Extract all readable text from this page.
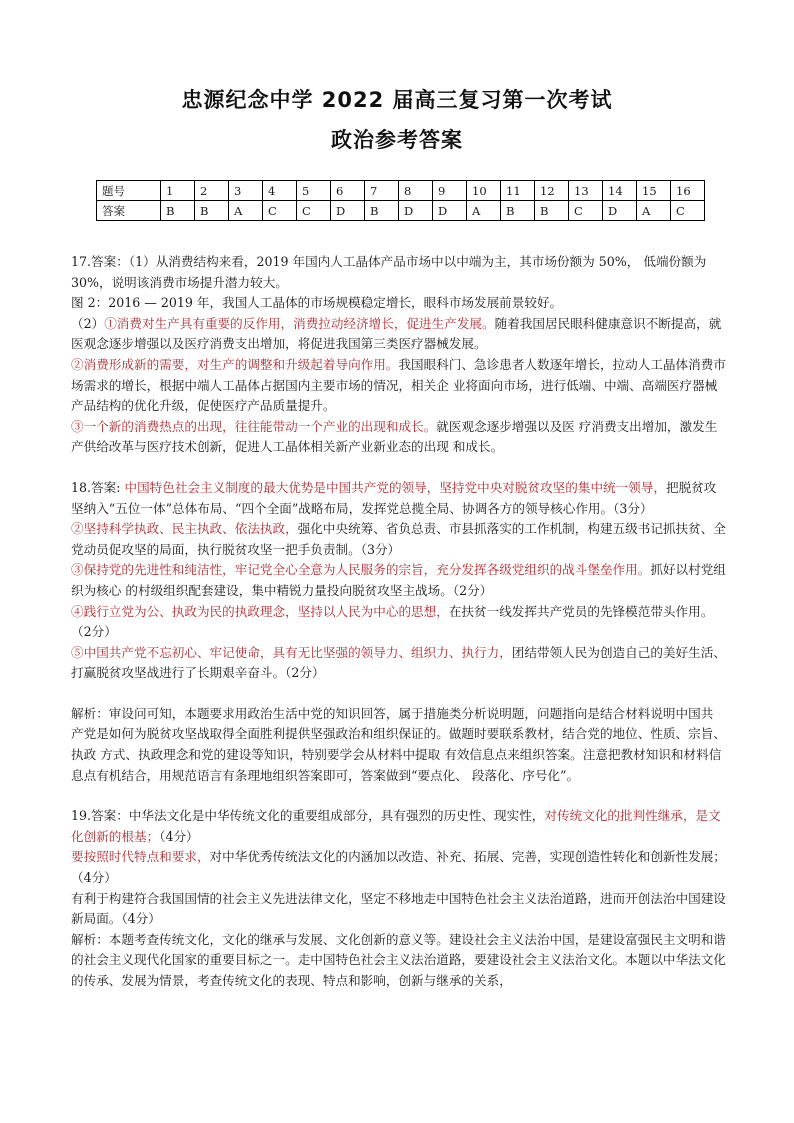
忠源纪念中学 2022 届高三复习第一次考试
政治参考答案
题号	1	2	3	4	5	6	7	8	9	10	11	12	13	14	15	16
答案	B	B	A	C	C	D	B	D	D	A	B	B	C	D	A	C

17.答案：（1）从消费结构来看，2019 年国内人工晶体产品市场中以中端为主，其市场份额为 50%， 低端份额为 30%，说明该消费市场提升潜力较大。

图 2：2016 — 2019 年，我国人工晶体的市场规模稳定增长，眼科市场发展前景较好。

（2）①消费对生产具有重要的反作用，消费拉动经济增长，促进生产发展。随着我国居民眼科健康意识不断提高，就医观念逐步增强以及医疗消费支出增加，将促进我国第三类医疗器械发展。

②消费形成新的需要，对生产的调整和升级起着导向作用。我国眼科门、急诊患者人数逐年增长，拉动人工晶体消费市场需求的增长，根据中端人工晶体占据国内主要市场的情况，相关企 业将面向市场，进行低端、中端、高端医疗器械产品结构的优化升级，促使医疗产品质量提升。

③一个新的消费热点的出现，往往能带动一个产业的出现和成长。就医观念逐步增强以及医 疗消费支出增加，激发生产供给改革与医疗技术创新，促进人工晶体相关新产业新业态的出现 和成长。

18.答案: 中国特色社会主义制度的最大优势是中国共产党的领导，坚持党中央对脱贫攻坚的集中统一领导，把脱贫攻坚纳入“五位一体”总体布局、“四个全面”战略布局，发挥党总揽全局、协调各方的领导核心作用。（3分）

②坚持科学执政、民主执政、依法执政，强化中央统筹、省负总责、市县抓落实的工作机制，构建五级书记抓扶贫、全党动员促攻坚的局面，执行脱贫攻坚一把手负责制。（3分）

③保持党的先进性和纯洁性，牢记党全心全意为人民服务的宗旨，充分发挥各级党组织的战斗堡垒作用。抓好以村党组织为核心 的村级组织配套建设，集中精锐力量投向脱贫攻坚主战场。（2分）

④践行立党为公、执政为民的执政理念，坚持以人民为中心的思想，在扶贫一线发挥共产党员的先锋模范带头作用。（2分）

⑤中国共产党不忘初心、牢记使命，具有无比坚强的领导力、组织力、执行力，团结带领人民为创造自己的美好生活、打赢脱贫攻坚战进行了长期艰辛奋斗。（2分）

解析：审设问可知，本题要求用政治生活中党的知识回答，属于措施类分析说明题，问题指向是结合材料说明中国共 产党是如何为脱贫攻坚战取得全面胜利提供坚强政治和组织保证的。做题时要联系教材，结合党的地位、性质、宗旨、执政 方式、执政理念和党的建设等知识，特别要学会从材料中提取 有效信息点来组织答案。注意把教材知识和材料信息点有机结合，用规范语言有条理地组织答案即可，答案做到“要点化、 段落化、序号化”。

19.答案：中华法文化是中华传统文化的重要组成部分，具有强烈的历史性、现实性，对传统文化的批判性继承，是文化创新的根基；（4分）

要按照时代特点和要求，对中华优秀传统法文化的内涵加以改造、补充、拓展、完善，实现创造性转化和创新性发展； （4分）

有利于构建符合我国国情的社会主义先进法律文化，坚定不移地走中国特色社会主义法治道路，进而开创法治中国建设新局面。（4分）

解析：本题考查传统文化，文化的继承与发展、文化创新的意义等。建设社会主义法治中国，是建设富强民主文明和谐的社会主义现代化国家的重要目标之一。走中国特色社会主义法治道路，要建设社会主义法治文化。本题以中华法文化的传承、发展为情景，考查传统文化的表现、特点和影响，创新与继承的关系，
